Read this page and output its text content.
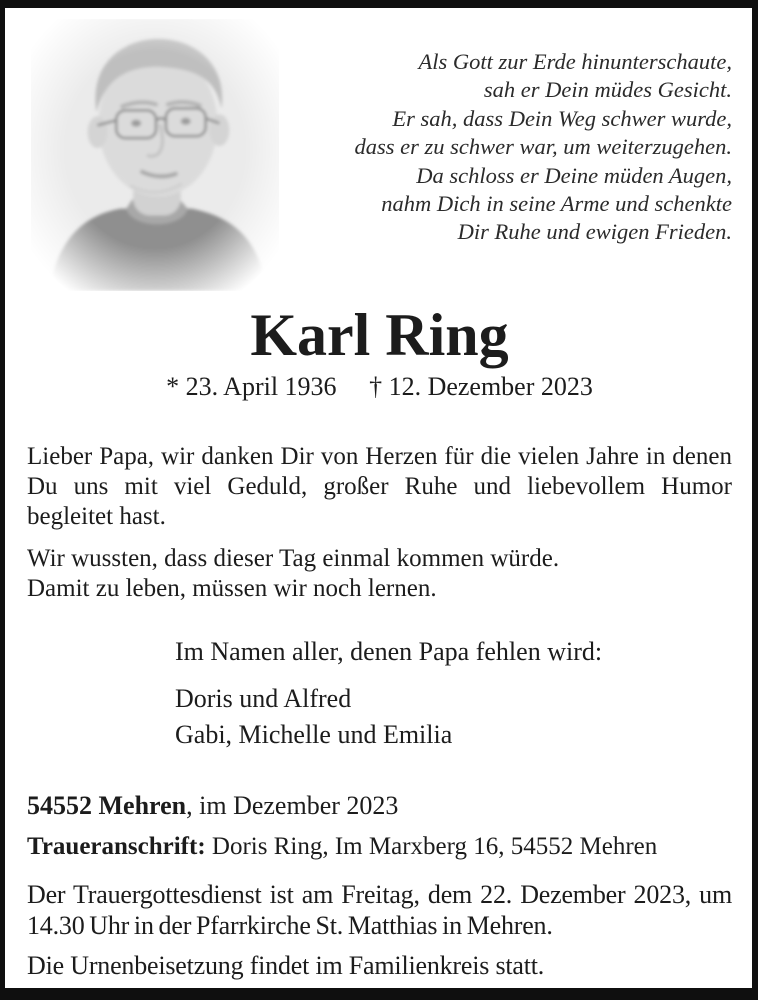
Als Gott zur Erde hinunterschaute,
sah er Dein müdes Gesicht.
Er sah, dass Dein Weg schwer wurde,
dass er zu schwer war, um weiterzugehen.
Da schloss er Deine müden Augen,
nahm Dich in seine Arme und schenkte
Dir Ruhe und ewigen Frieden.
Karl Ring
* 23. April 1936 † 12. Dezember 2023
Lieber Papa, wir danken Dir von Herzen für die vielen Jahre in denen Du uns mit viel Geduld, großer Ruhe und liebevollem Humor begleitet hast.
Wir wussten, dass dieser Tag einmal kommen würde.
Damit zu leben, müssen wir noch lernen.
Im Namen aller, denen Papa fehlen wird:
Doris und Alfred
Gabi, Michelle und Emilia
54552 Mehren, im Dezember 2023
Traueranschrift: Doris Ring, Im Marxberg 16, 54552 Mehren
Der Trauergottesdienst ist am Freitag, dem 22. Dezember 2023, um 14.30 Uhr in der Pfarrkirche St. Matthias in Mehren.
Die Urnenbeisetzung findet im Familienkreis statt.
